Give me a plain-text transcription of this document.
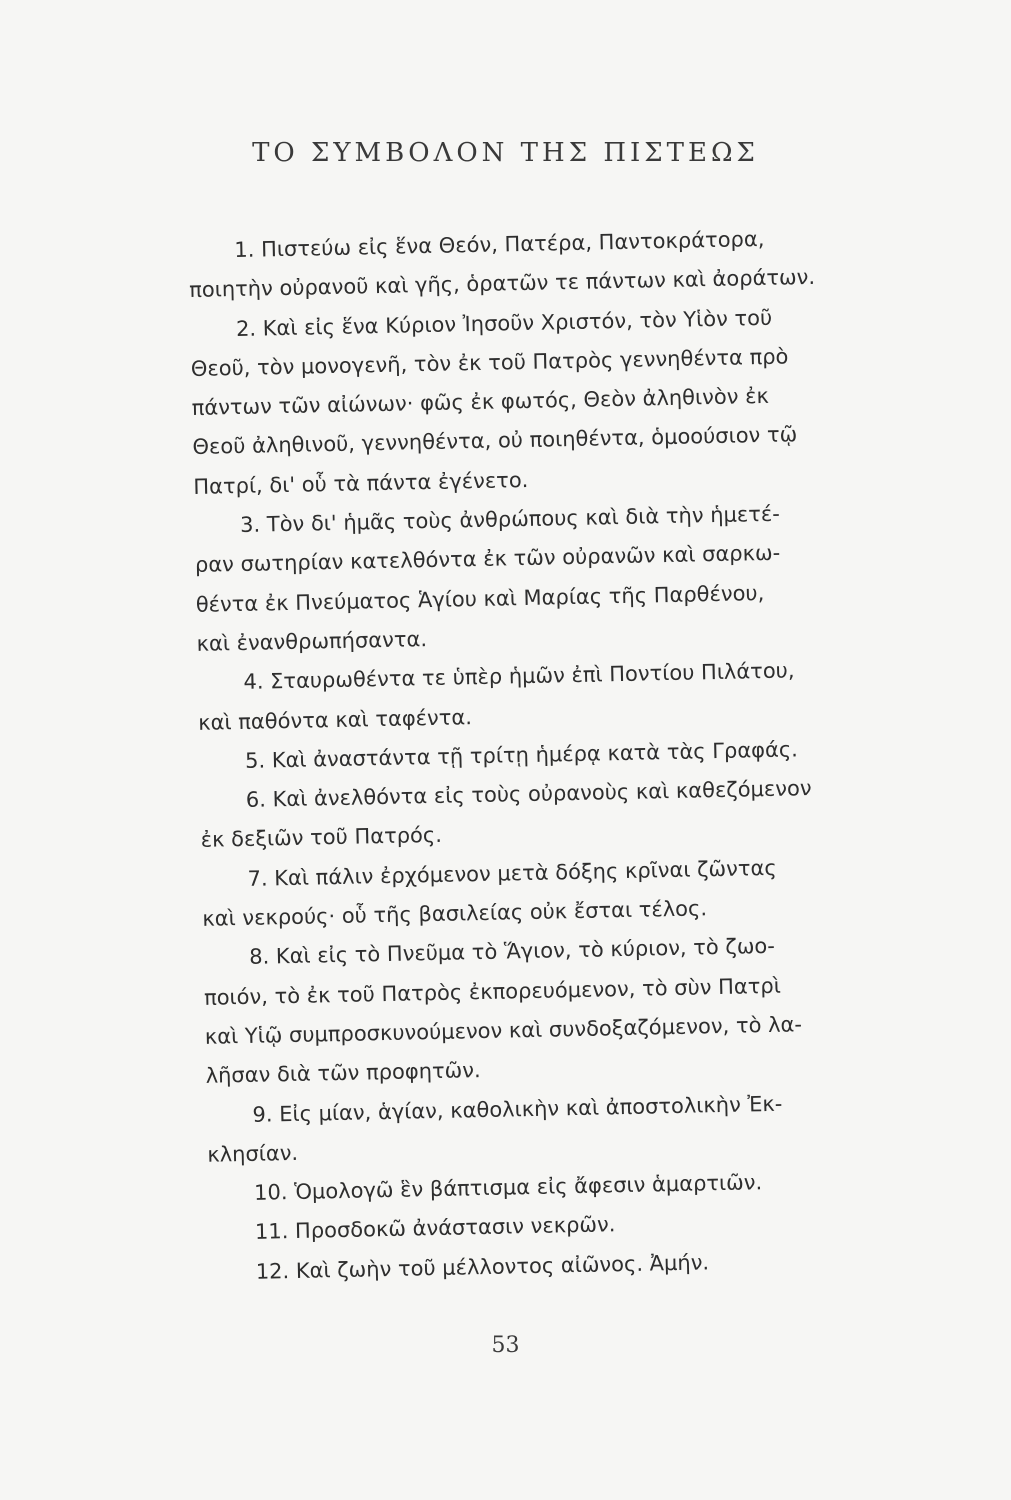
ΤΟ ΣΥΜΒΟΛΟΝ ΤΗΣ ΠΙΣΤΕΩΣ
1. Πιστεύω εἰς ἕνα Θεόν, Πατέρα, Παντοκράτορα,
ποιητὴν οὐρανοῦ καὶ γῆς, ὁρατῶν τε πάντων καὶ ἀοράτων.
2. Καὶ εἰς ἕνα Κύριον Ἰησοῦν Χριστόν, τὸν Υἱὸν τοῦ
Θεοῦ, τὸν μονογενῆ, τὸν ἐκ τοῦ Πατρὸς γεννηθέντα πρὸ
πάντων τῶν αἰώνων· φῶς ἐκ φωτός, Θεὸν ἀληθινὸν ἐκ
Θεοῦ ἀληθινοῦ, γεννηθέντα, οὐ ποιηθέντα, ὁμοούσιον τῷ
Πατρί, δι' οὗ τὰ πάντα ἐγένετο.
3. Τὸν δι' ἡμᾶς τοὺς ἀνθρώπους καὶ διὰ τὴν ἡμετέ-
ραν σωτηρίαν κατελθόντα ἐκ τῶν οὐρανῶν καὶ σαρκω-
θέντα ἐκ Πνεύματος Ἁγίου καὶ Μαρίας τῆς Παρθένου,
καὶ ἐνανθρωπήσαντα.
4. Σταυρωθέντα τε ὑπὲρ ἡμῶν ἐπὶ Ποντίου Πιλάτου,
καὶ παθόντα καὶ ταφέντα.
5. Καὶ ἀναστάντα τῇ τρίτῃ ἡμέρᾳ κατὰ τὰς Γραφάς.
6. Καὶ ἀνελθόντα εἰς τοὺς οὐρανοὺς καὶ καθεζόμενον
ἐκ δεξιῶν τοῦ Πατρός.
7. Καὶ πάλιν ἐρχόμενον μετὰ δόξης κρῖναι ζῶντας
καὶ νεκρούς· οὗ τῆς βασιλείας οὐκ ἔσται τέλος.
8. Καὶ εἰς τὸ Πνεῦμα τὸ Ἅγιον, τὸ κύριον, τὸ ζωο-
ποιόν, τὸ ἐκ τοῦ Πατρὸς ἐκπορευόμενον, τὸ σὺν Πατρὶ
καὶ Υἱῷ συμπροσκυνούμενον καὶ συνδοξαζόμενον, τὸ λα-
λῆσαν διὰ τῶν προφητῶν.
9. Εἰς μίαν, ἁγίαν, καθολικὴν καὶ ἀποστολικὴν Ἐκ-
κλησίαν.
10. Ὁμολογῶ ἓν βάπτισμα εἰς ἄφεσιν ἁμαρτιῶν.
11. Προσδοκῶ ἀνάστασιν νεκρῶν.
12. Καὶ ζωὴν τοῦ μέλλοντος αἰῶνος. Ἀμήν.
53
